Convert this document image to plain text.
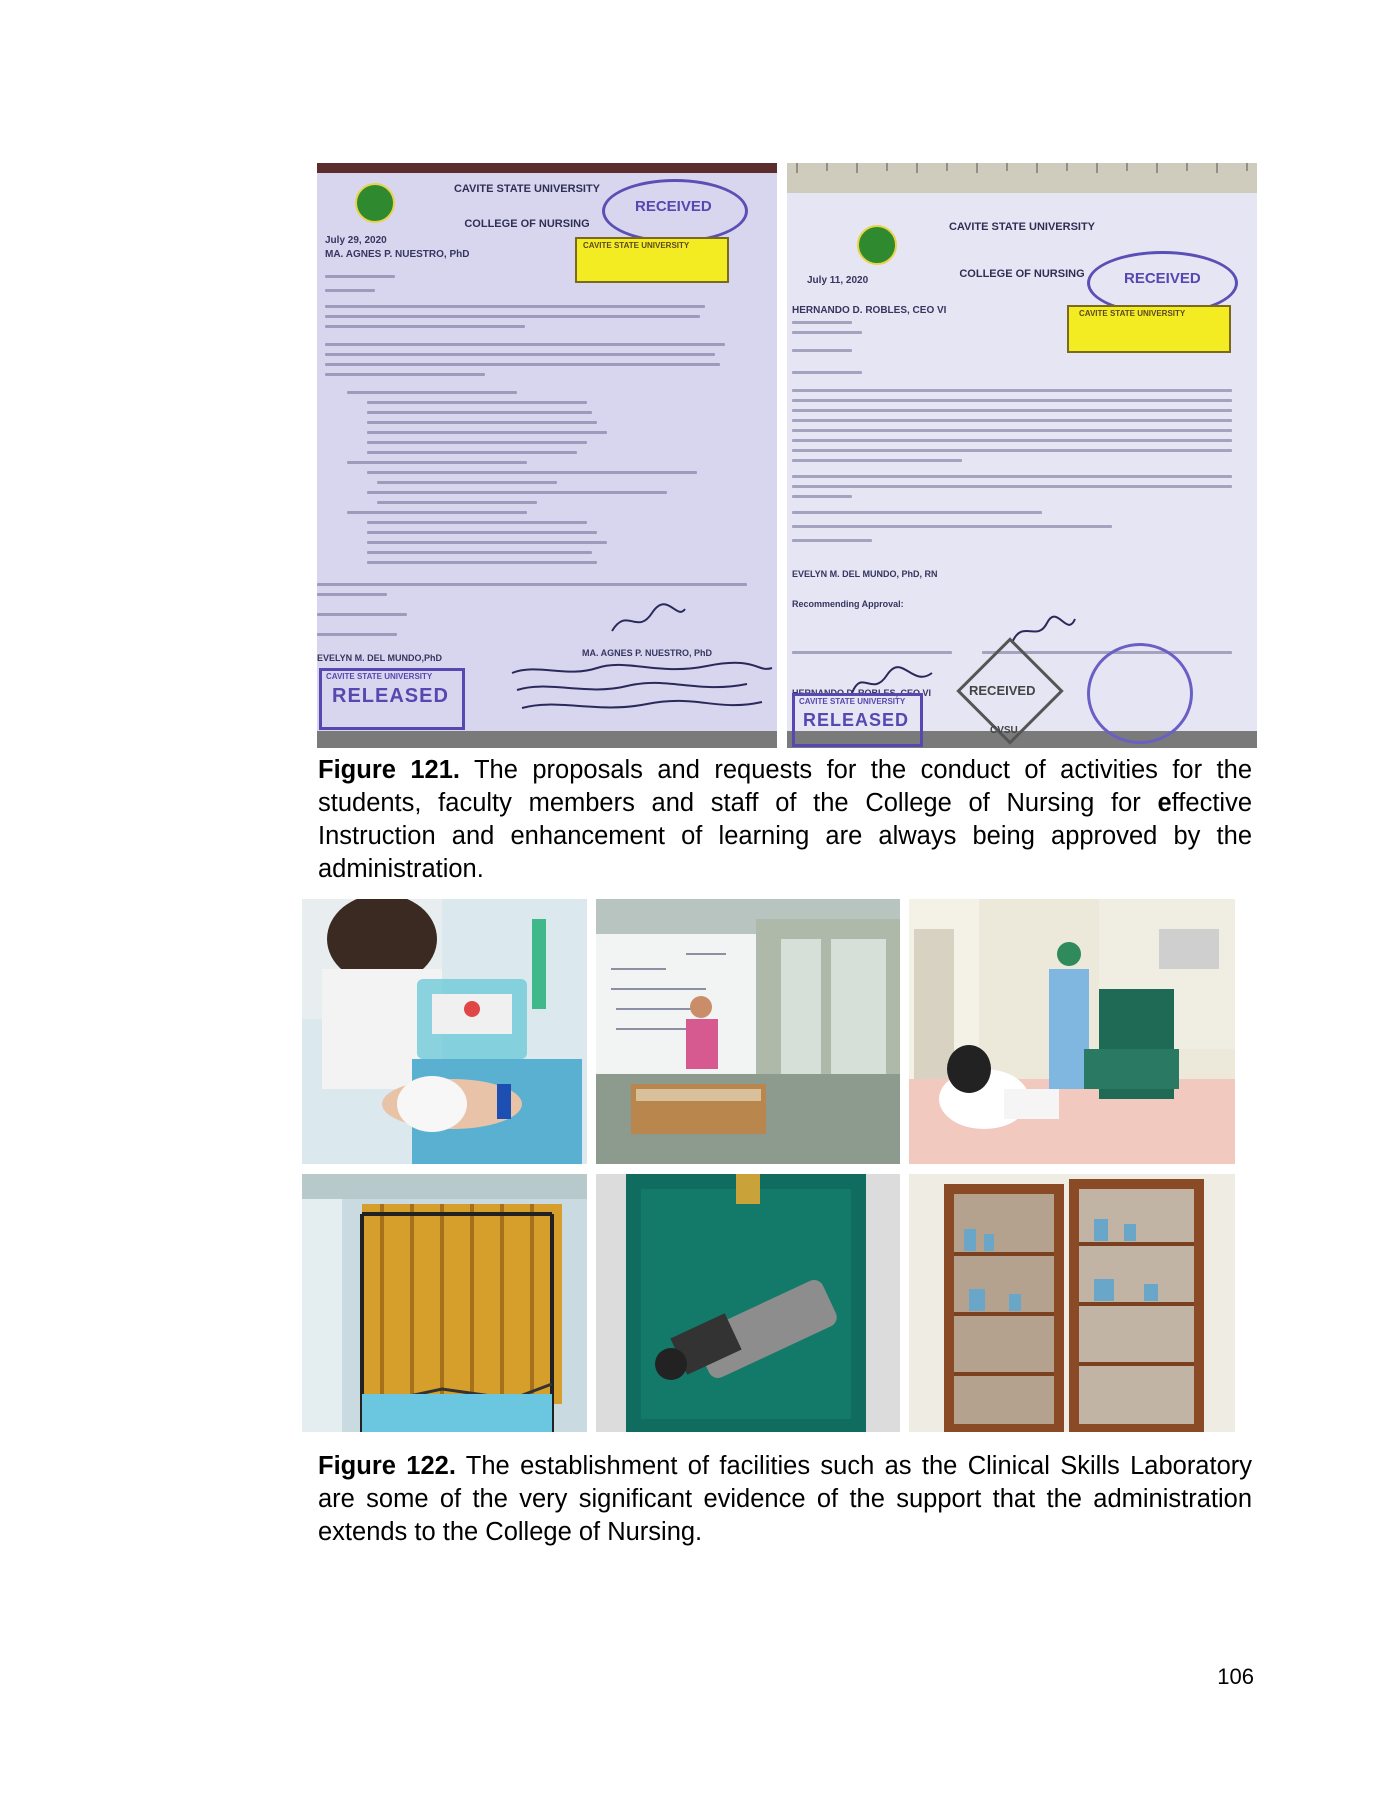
CAVITE STATE UNIVERSITY
COLLEGE OF NURSING
RECEIVED
CAVITE STATE UNIVERSITY
July 29, 2020
MA. AGNES P. NUESTRO, PhD
EVELYN M. DEL MUNDO,PhD	MA. AGNES P. NUESTRO, PhD
CAVITE STATE UNIVERSITY
RELEASED
CAVITE STATE UNIVERSITY
COLLEGE OF NURSING	RECEIVED
CAVITE STATE UNIVERSITY
July 11, 2020
HERNANDO D. ROBLES, CEO VI
EVELYN M. DEL MUNDO, PhD, RN
Recommending Approval:
HERNANDO D. ROBLES, CEO VI
CAVITE STATE UNIVERSITY
RELEASED
RECEIVED
CVSU

Figure 121. The proposals and requests for the conduct of activities for the students, faculty members and staff of the College of Nursing for effective Instruction and enhancement of learning are always being approved by the administration.

Figure 122. The establishment of facilities such as the Clinical Skills Laboratory are some of the very significant evidence of the support that the administration extends to the College of Nursing.

106
